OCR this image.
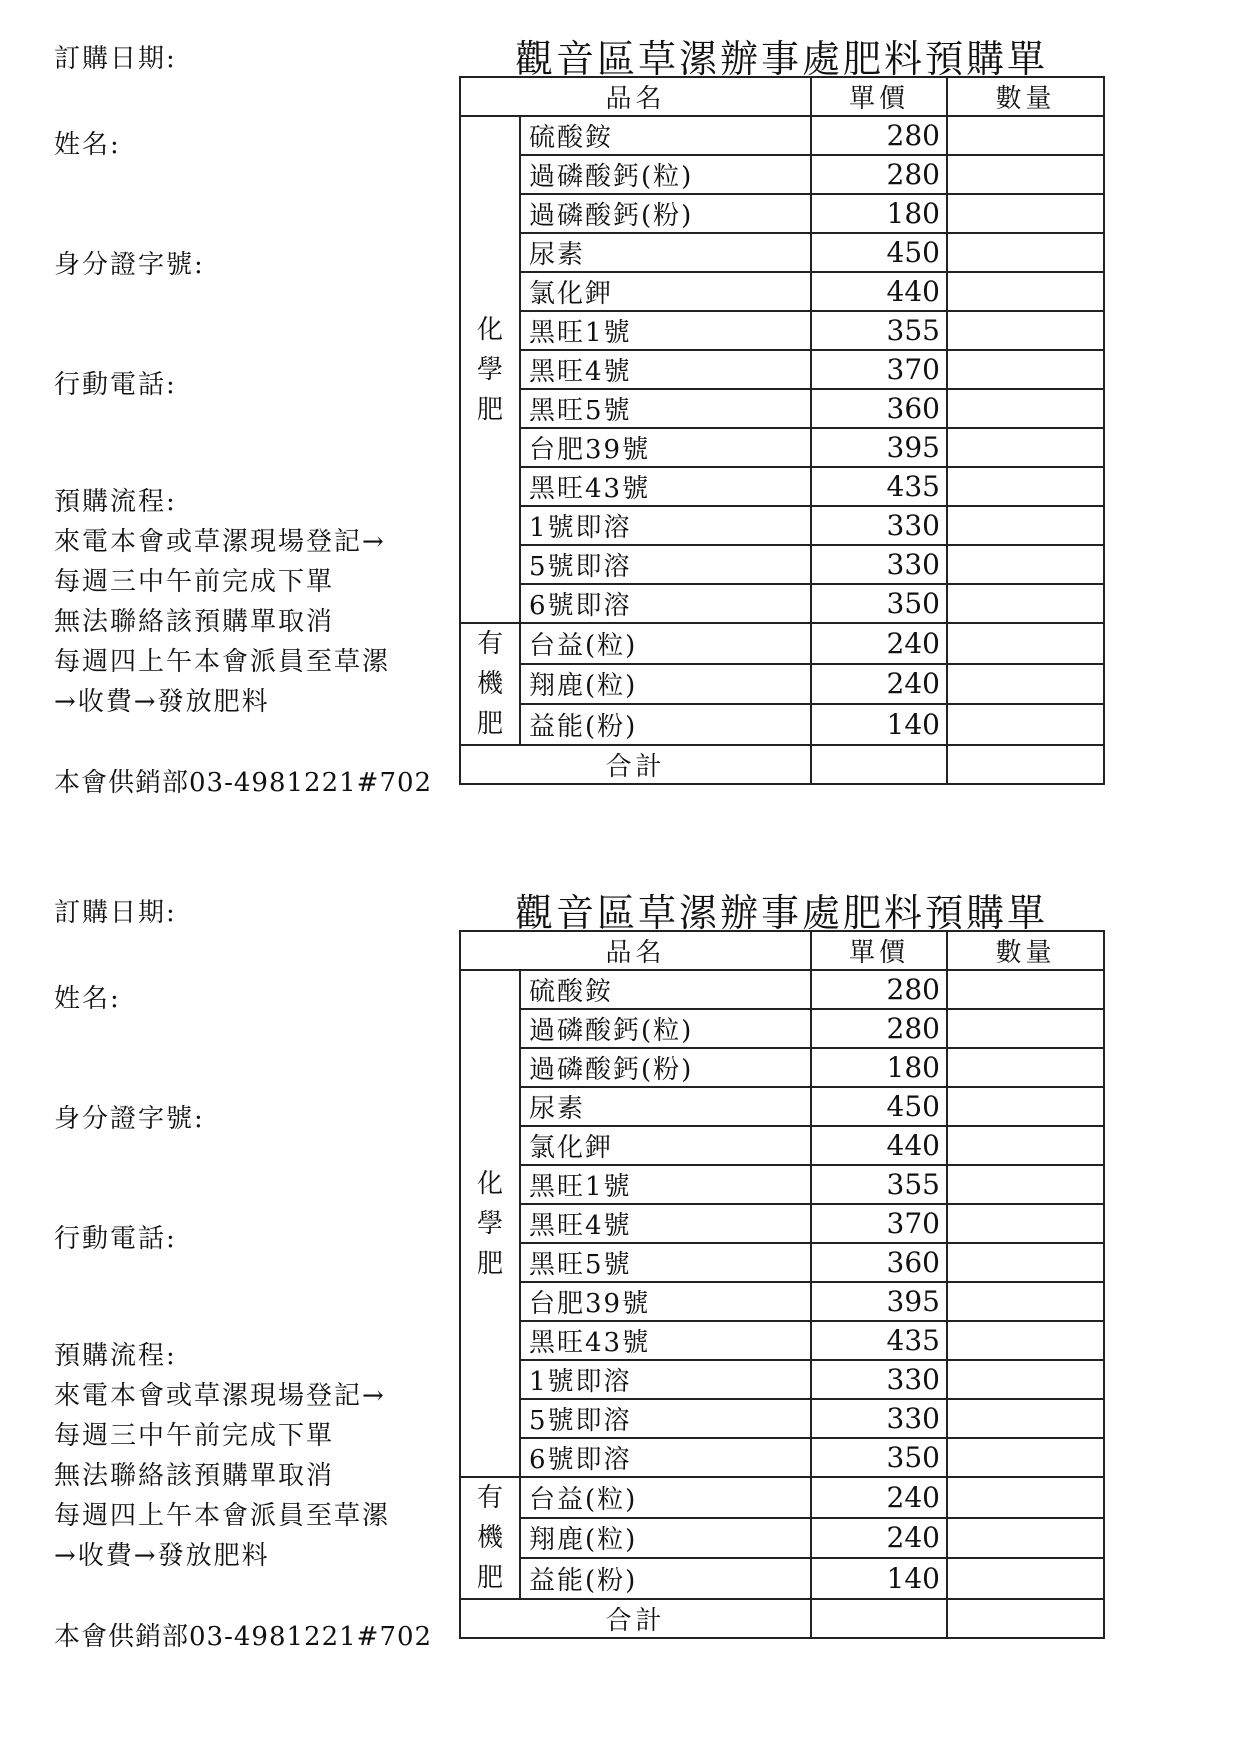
訂購日期:
姓名:
身分證字號:
行動電話:
預購流程:
來電本會或草漯現場登記→
每週三中午前完成下單
無法聯絡該預購單取消
每週四上午本會派員至草漯
→收費→發放肥料
本會供銷部03-4981221#702
觀音區草漯辦事處肥料預購單
品名		單價	數量

化
學
肥	硫酸銨	280	
	過磷酸鈣(粒)	280	
	過磷酸鈣(粉)	180	
	尿素	450	
	氯化鉀	440	
	黑旺1號	355	
	黑旺4號	370	
	黑旺5號	360	
	台肥39號	395	
	黑旺43號	435	
	1號即溶	330	
	5號即溶	330	
	6號即溶	350	

有
機
肥	台益(粒)	240	
	翔鹿(粒)	240	
	益能(粉)	140	
合計			
訂購日期:
姓名:
身分證字號:
行動電話:
預購流程:
來電本會或草漯現場登記→
每週三中午前完成下單
無法聯絡該預購單取消
每週四上午本會派員至草漯
→收費→發放肥料
本會供銷部03-4981221#702
觀音區草漯辦事處肥料預購單
品名		單價	數量

化
學
肥	硫酸銨	280	
	過磷酸鈣(粒)	280	
	過磷酸鈣(粉)	180	
	尿素	450	
	氯化鉀	440	
	黑旺1號	355	
	黑旺4號	370	
	黑旺5號	360	
	台肥39號	395	
	黑旺43號	435	
	1號即溶	330	
	5號即溶	330	
	6號即溶	350	

有
機
肥	台益(粒)	240	
	翔鹿(粒)	240	
	益能(粉)	140	
合計			
